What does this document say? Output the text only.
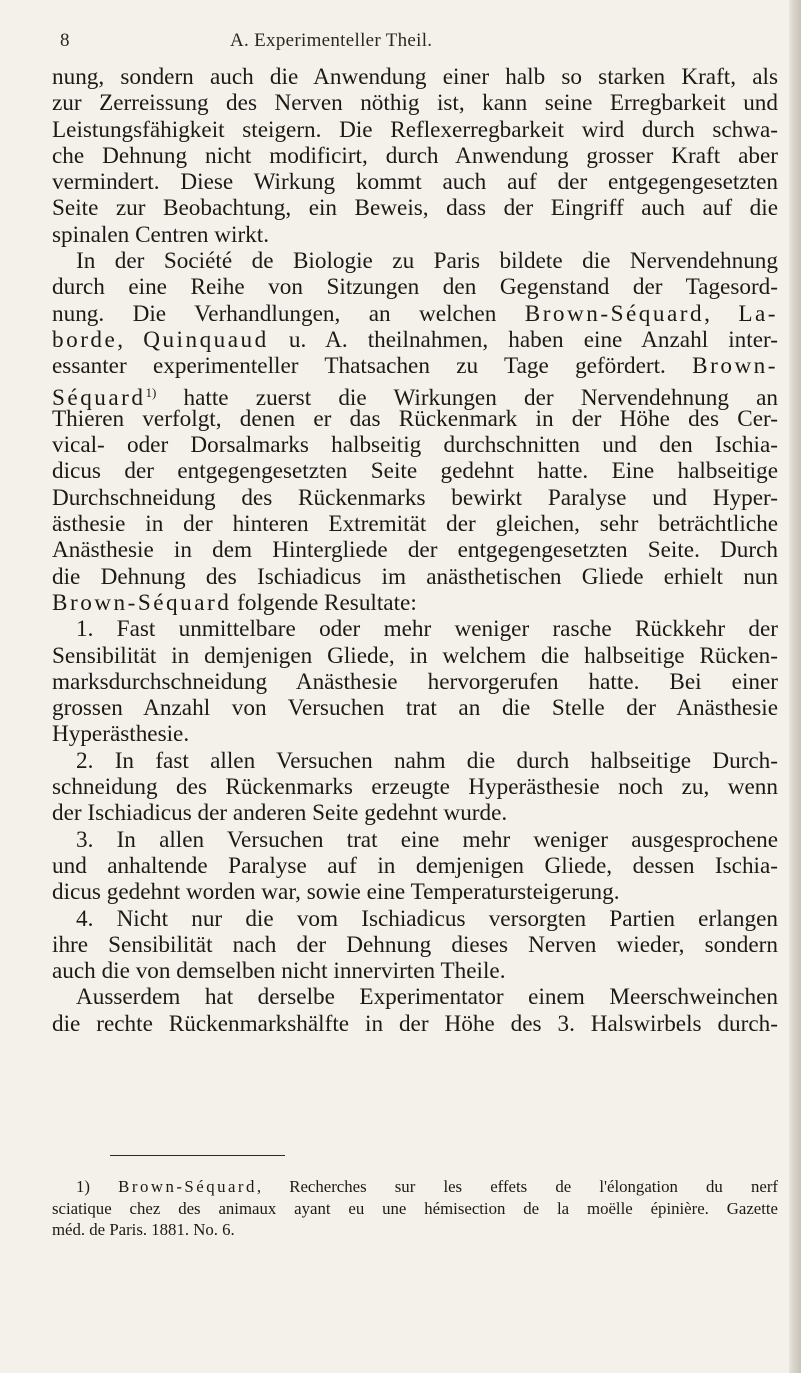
8	A. Experimenteller Theil.
nung, sondern auch die Anwendung einer halb so starken Kraft, als
zur Zerreissung des Nerven nöthig ist, kann seine Erregbarkeit und
Leistungsfähigkeit steigern. Die Reflexerregbarkeit wird durch schwa-
che Dehnung nicht modificirt, durch Anwendung grosser Kraft aber
vermindert. Diese Wirkung kommt auch auf der entgegengesetzten
Seite zur Beobachtung, ein Beweis, dass der Eingriff auch auf die
spinalen Centren wirkt.
In der Société de Biologie zu Paris bildete die Nervendehnung
durch eine Reihe von Sitzungen den Gegenstand der Tagesord-
nung. Die Verhandlungen, an welchen Brown-Séquard, La-
borde, Quinquaud u. A. theilnahmen, haben eine Anzahl inter-
essanter experimenteller Thatsachen zu Tage gefördert. Brown-
Séquard$^{1)}$ hatte zuerst die Wirkungen der Nervendehnung an
Thieren verfolgt, denen er das Rückenmark in der Höhe des Cer-
vical- oder Dorsalmarks halbseitig durchschnitten und den Ischia-
dicus der entgegengesetzten Seite gedehnt hatte. Eine halbseitige
Durchschneidung des Rückenmarks bewirkt Paralyse und Hyper-
ästhesie in der hinteren Extremität der gleichen, sehr beträchtliche
Anästhesie in dem Hintergliede der entgegengesetzten Seite. Durch
die Dehnung des Ischiadicus im anästhetischen Gliede erhielt nun
Brown-Séquard folgende Resultate:
1. Fast unmittelbare oder mehr weniger rasche Rückkehr der
Sensibilität in demjenigen Gliede, in welchem die halbseitige Rücken-
marksdurchschneidung Anästhesie hervorgerufen hatte. Bei einer
grossen Anzahl von Versuchen trat an die Stelle der Anästhesie
Hyperästhesie.
2. In fast allen Versuchen nahm die durch halbseitige Durch-
schneidung des Rückenmarks erzeugte Hyperästhesie noch zu, wenn
der Ischiadicus der anderen Seite gedehnt wurde.
3. In allen Versuchen trat eine mehr weniger ausgesprochene
und anhaltende Paralyse auf in demjenigen Gliede, dessen Ischia-
dicus gedehnt worden war, sowie eine Temperatursteigerung.
4. Nicht nur die vom Ischiadicus versorgten Partien erlangen
ihre Sensibilität nach der Dehnung dieses Nerven wieder, sondern
auch die von demselben nicht innervirten Theile.
Ausserdem hat derselbe Experimentator einem Meerschweinchen
die rechte Rückenmarkshälfte in der Höhe des 3. Halswirbels durch-
1) Brown-Séquard, Recherches sur les effets de l'élongation du nerf
sciatique chez des animaux ayant eu une hémisection de la moëlle épinière. Gazette
méd. de Paris. 1881. No. 6.
